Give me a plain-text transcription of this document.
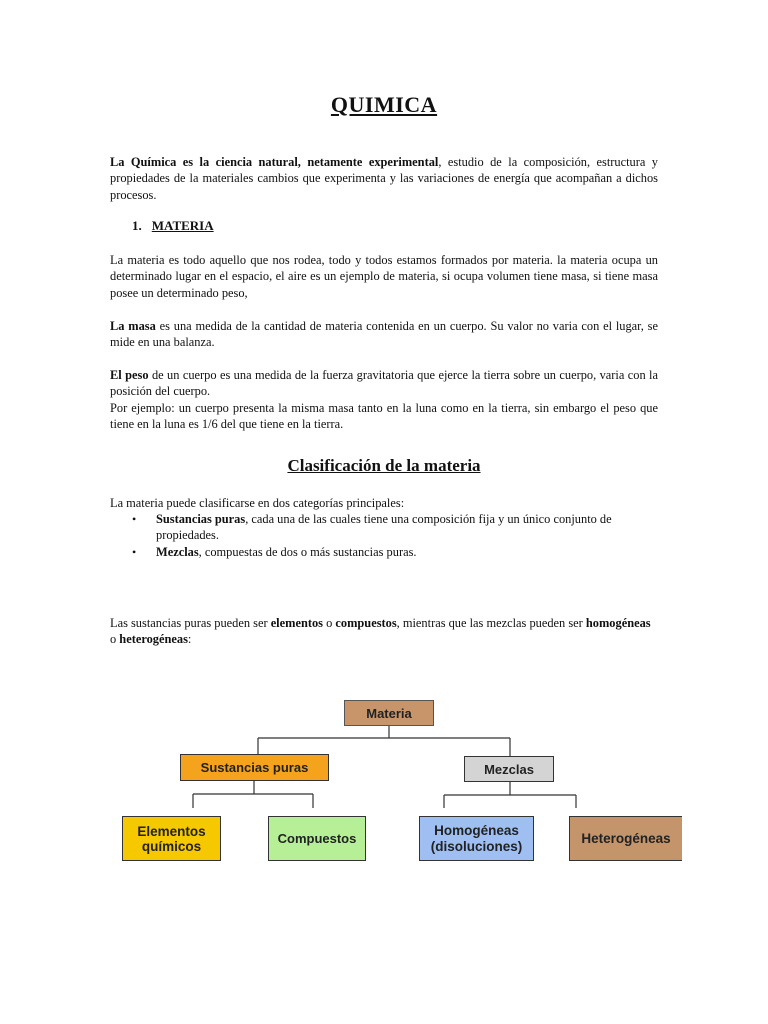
QUIMICA

La Química es la ciencia natural, netamente experimental, estudio de la composición, estructura y propiedades de la materiales cambios que experimenta y las variaciones de energía que acompañan a dichos procesos.

1. MATERIA

La materia es todo aquello que nos rodea, todo y todos estamos formados por materia. la materia ocupa un determinado lugar en el espacio, el aire es un ejemplo de materia, si ocupa volumen tiene masa, si tiene masa posee un determinado peso,

La masa es una medida de la cantidad de materia contenida en un cuerpo. Su valor no varia con el lugar, se mide en una balanza.

El peso de un cuerpo es una medida de la fuerza gravitatoria que ejerce la tierra sobre un cuerpo, varia con la posición del cuerpo.
Por ejemplo: un cuerpo presenta la misma masa tanto en la luna como en la tierra, sin embargo el peso que tiene en la luna es 1/6 del que tiene en la tierra.

Clasificación de la materia

La materia puede clasificarse en dos categorías principales:

• Sustancias puras, cada una de las cuales tiene una composición fija y un único conjunto de propiedades.
• Mezclas, compuestas de dos o más sustancias puras.

Las sustancias puras pueden ser elementos o compuestos, mientras que las mezclas pueden ser homogéneas o heterogéneas:

Materia
Sustancias puras	Mezclas
Elementos químicos	Compuestos
Homogéneas (disoluciones)	Heterogéneas
